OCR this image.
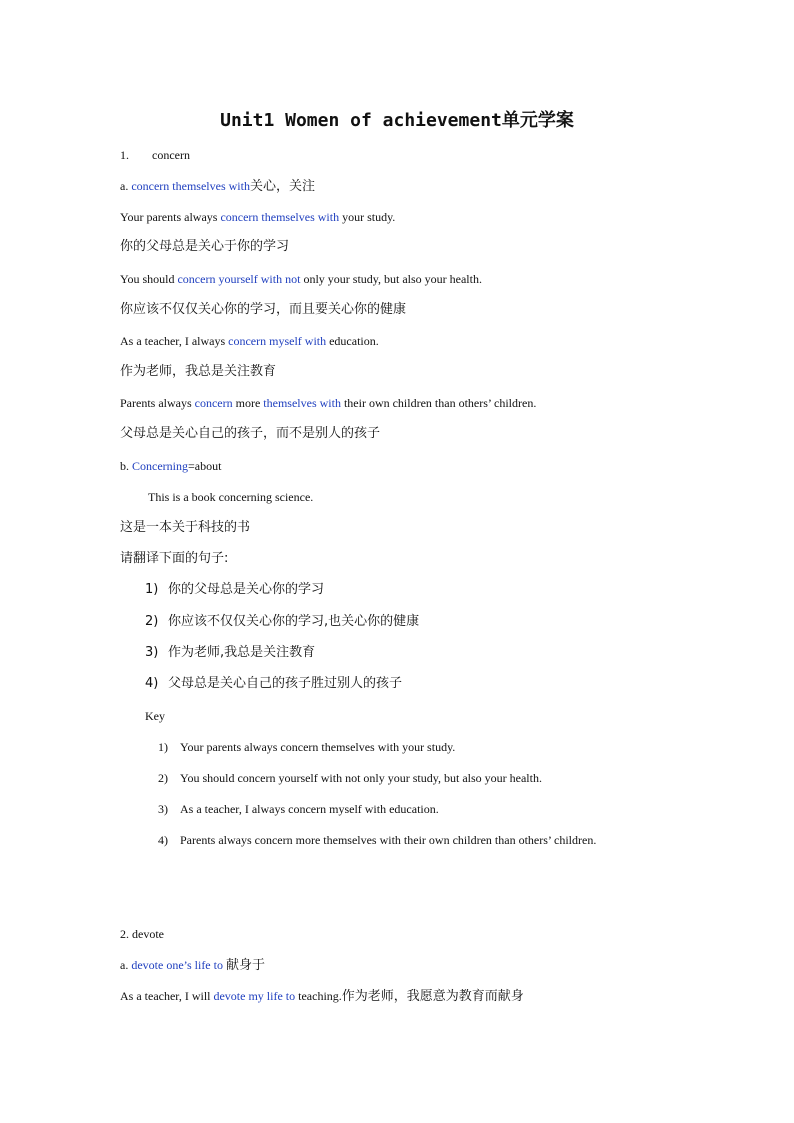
Unit1 Women of achievement单元学案
1. concern
a. concern themselves with关心，关注
Your parents always concern themselves with your study.
你的父母总是关心于你的学习
You should concern yourself with not only your study, but also your health.
你应该不仅仅关心你的学习，而且要关心你的健康
As a teacher, I always concern myself with education.
作为老师，我总是关注教育
Parents always concern more themselves with their own children than others’ children.
父母总是关心自己的孩子，而不是别人的孩子
b. Concerning=about
This is a book concerning science.
这是一本关于科技的书
请翻译下面的句子:
1) 你的父母总是关心你的学习
2) 你应该不仅仅关心你的学习,也关心你的健康
3) 作为老师,我总是关注教育
4) 父母总是关心自己的孩子胜过别人的孩子
Key
1) Your parents always concern themselves with your study.
2) You should concern yourself with not only your study, but also your health.
3) As a teacher, I always concern myself with education.
4) Parents always concern more themselves with their own children than others’ children.
2. devote
a. devote one’s life to 献身于
As a teacher, I will devote my life to teaching.作为老师，我愿意为教育而献身
